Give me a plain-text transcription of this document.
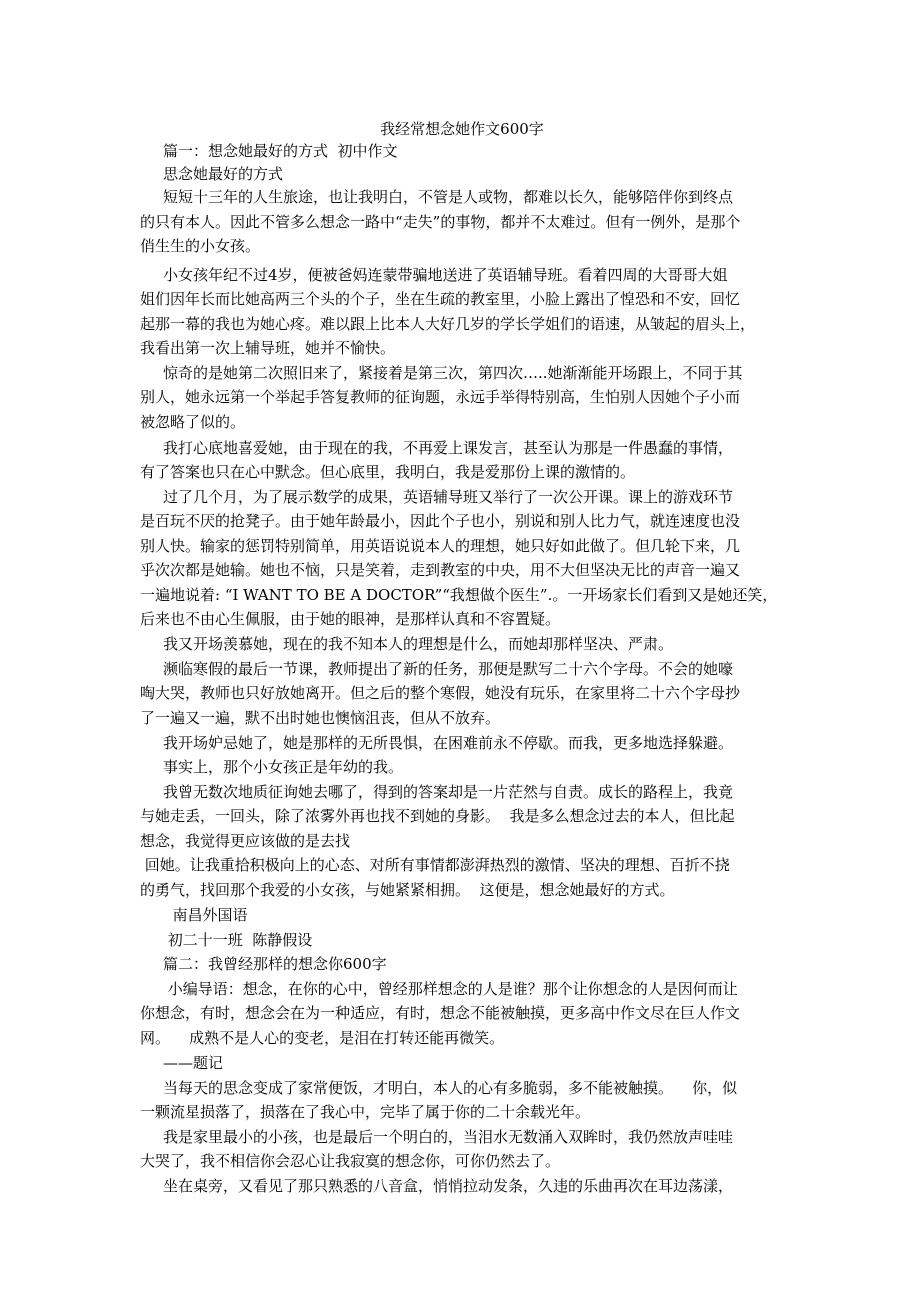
我经常想念她作文600字
篇一：想念她最好的方式  初中作文
思念她最好的方式
短短十三年的人生旅途，也让我明白，不管是人或物，都难以长久，能够陪伴你到终点
的只有本人。因此不管多么想念一路中“走失”的事物，都并不太难过。但有一例外，是那个
俏生生的小女孩。
小女孩年纪不过4岁，便被爸妈连蒙带骗地送进了英语辅导班。看着四周的大哥哥大姐
姐们因年长而比她高两三个头的个子，坐在生疏的教室里，小脸上露出了惶恐和不安，回忆
起那一幕的我也为她心疼。难以跟上比本人大好几岁的学长学姐们的语速，从皱起的眉头上，
我看出第一次上辅导班，她并不愉快。
惊奇的是她第二次照旧来了，紧接着是第三次，第四次…..她渐渐能开场跟上，不同于其
别人，她永远第一个举起手答复教师的征询题，永远手举得特别高，生怕别人因她个子小而
被忽略了似的。
我打心底地喜爱她，由于现在的我，不再爱上课发言，甚至认为那是一件愚蠢的事情，
有了答案也只在心中默念。但心底里，我明白，我是爱那份上课的激情的。
过了几个月，为了展示数学的成果，英语辅导班又举行了一次公开课。课上的游戏环节
是百玩不厌的抢凳子。由于她年龄最小，因此个子也小，别说和别人比力气，就连速度也没
别人快。输家的惩罚特别简单，用英语说说本人的理想，她只好如此做了。但几轮下来，几
乎次次都是她输。她也不恼，只是笑着，走到教室的中央，用不大但坚决无比的声音一遍又
一遍地说着: “I WANT TO BE A DOCTOR”“我想做个医生”.。一开场家长们看到又是她还笑，
后来也不由心生佩服，由于她的眼神，是那样认真和不容置疑。
我又开场羡慕她，现在的我不知本人的理想是什么，而她却那样坚决、严肃。
濒临寒假的最后一节课，教师提出了新的任务，那便是默写二十六个字母。不会的她嚎
啕大哭，教师也只好放她离开。但之后的整个寒假，她没有玩乐，在家里将二十六个字母抄
了一遍又一遍，默不出时她也懊恼沮丧，但从不放弃。
我开场妒忌她了，她是那样的无所畏惧，在困难前永不停歇。而我，更多地选择躲避。
事实上，那个小女孩正是年幼的我。
我曾无数次地质征询她去哪了，得到的答案却是一片茫然与自责。成长的路程上，我竟
与她走丢，一回头，除了浓雾外再也找不到她的身影。  我是多么想念过去的本人，但比起
想念，我觉得更应该做的是去找
回她。让我重拾积极向上的心态、对所有事情都澎湃热烈的激情、坚决的理想、百折不挠
的勇气，找回那个我爱的小女孩，与她紧紧相拥。  这便是，想念她最好的方式。
南昌外国语
初二十一班  陈静假设
篇二：我曾经那样的想念你600字
小编导语：想念，在你的心中，曾经那样想念的人是谁？那个让你想念的人是因何而让
你想念，有时，想念会在为一种适应，有时，想念不能被触摸，更多高中作文尽在巨人作文
网。    成熟不是人心的变老，是泪在打转还能再微笑。
——题记
当每天的思念变成了家常便饭，才明白，本人的心有多脆弱，多不能被触摸。    你，似
一颗流星损落了，损落在了我心中，完毕了属于你的二十余载光年。
我是家里最小的小孩，也是最后一个明白的，当泪水无数涌入双眸时，我仍然放声哇哇
大哭了，我不相信你会忍心让我寂寞的想念你，可你仍然去了。
坐在桌旁，又看见了那只熟悉的八音盒，悄悄拉动发条，久违的乐曲再次在耳边荡漾，
